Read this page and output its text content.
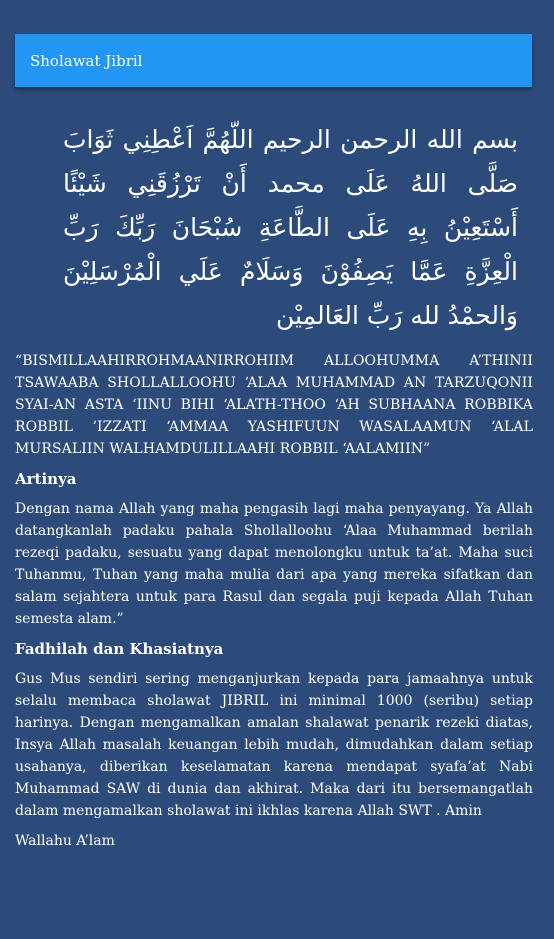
Sholawat Jibril

بسم الله الرحمن الرحيم اللّهُمَّ اَعْطِنِي ثَوَابَ صَلَّى اللهُ عَلَى محمد أَنْ تَرْزُقَنِي شَيْئًا أَسْتَعِيْنُ بِهِ عَلَى الطَّاعَةِ سُبْحَانَ رَبِّكَ رَبِّ الْعِزَّةِ عَمَّا يَصِفُوْنَ وَسَلَامٌ عَلَي الْمُرْسَلِيْنَ وَالحمْدُ لله رَبِّ العَالمِيْن

“BISMILLAAHIRROHMAANIRROHIIM ALLOOHUMMA A’THINII TSAWAABA SHOLLALLOOHU ‘ALAA MUHAMMAD AN TARZUQONII SYAI-AN ASTA ‘IINU BIHI ‘ALATH-THOO ‘AH SUBHAANA ROBBIKA ROBBIL ‘IZZATI ‘AMMAA YASHIFUUN WASALAAMUN ‘ALAL MURSALIIN WALHAMDULILLAAHI ROBBIL ‘AALAMIIN”

Artinya

Dengan nama Allah yang maha pengasih lagi maha penyayang. Ya Allah datangkanlah padaku pahala Shollalloohu ‘Alaa Muhammad berilah rezeqi padaku, sesuatu yang dapat menolongku untuk ta’at. Maha suci Tuhanmu, Tuhan yang maha mulia dari apa yang mereka sifatkan dan salam sejahtera untuk para Rasul dan segala puji kepada Allah Tuhan semesta alam.”

Fadhilah dan Khasiatnya

Gus Mus sendiri sering menganjurkan kepada para jamaahnya untuk selalu membaca sholawat JIBRIL ini minimal 1000 (seribu) setiap harinya. Dengan mengamalkan amalan shalawat penarik rezeki diatas, Insya Allah masalah keuangan lebih mudah, dimudahkan dalam setiap usahanya, diberikan keselamatan karena mendapat syafa’at Nabi Muhammad SAW di dunia dan akhirat. Maka dari itu bersemangatlah dalam mengamalkan sholawat ini ikhlas karena Allah SWT . Amin

Wallahu A’lam
